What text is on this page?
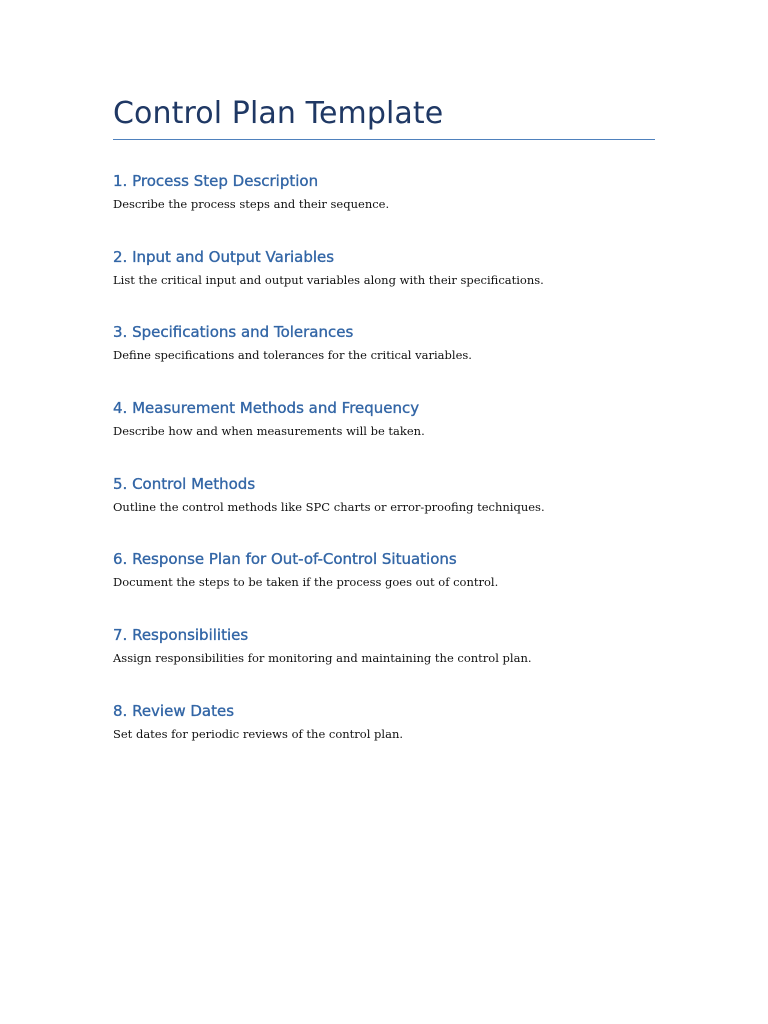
Control Plan Template
1. Process Step Description

Describe the process steps and their sequence.

2. Input and Output Variables

List the critical input and output variables along with their specifications.

3. Specifications and Tolerances

Define specifications and tolerances for the critical variables.

4. Measurement Methods and Frequency

Describe how and when measurements will be taken.

5. Control Methods

Outline the control methods like SPC charts or error-proofing techniques.

6. Response Plan for Out-of-Control Situations

Document the steps to be taken if the process goes out of control.

7. Responsibilities

Assign responsibilities for monitoring and maintaining the control plan.

8. Review Dates

Set dates for periodic reviews of the control plan.
